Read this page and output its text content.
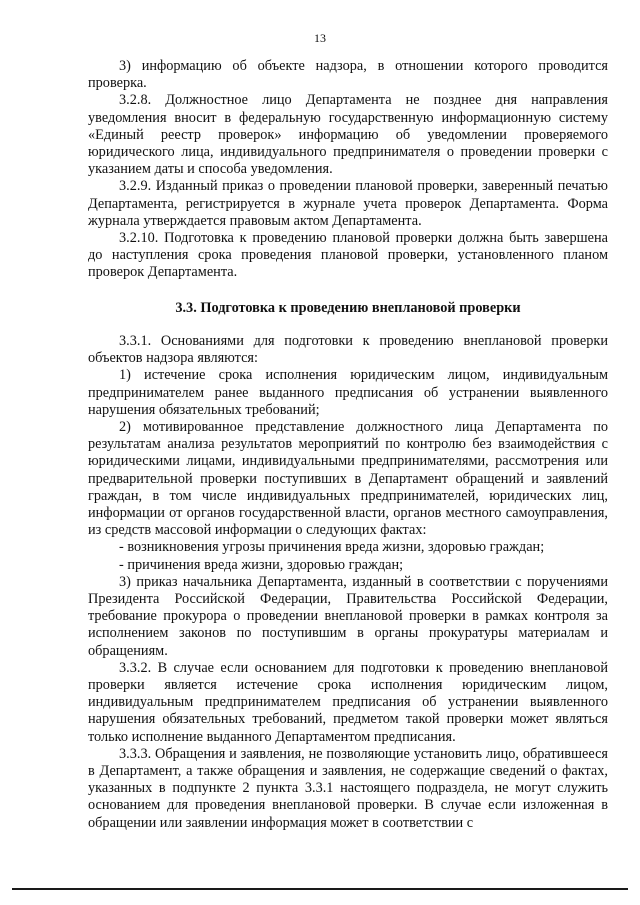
13

3) информацию об объекте надзора, в отношении которого проводится проверка.

3.2.8. Должностное лицо Департамента не позднее дня направления уведомления вносит в федеральную государственную информационную систему «Единый реестр проверок» информацию об уведомлении проверяемого юридического лица, индивидуального предпринимателя о проведении проверки с указанием даты и способа уведомления.

3.2.9. Изданный приказ о проведении плановой проверки, заверенный печатью Департамента, регистрируется в журнале учета проверок Департамента. Форма журнала утверждается правовым актом Департамента.

3.2.10. Подготовка к проведению плановой проверки должна быть завершена до наступления срока проведения плановой проверки, установленного планом проверок Департамента.

3.3. Подготовка к проведению внеплановой проверки

3.3.1. Основаниями для подготовки к проведению внеплановой проверки объектов надзора являются:

1) истечение срока исполнения юридическим лицом, индивидуальным предпринимателем ранее выданного предписания об устранении выявленного нарушения обязательных требований;

2) мотивированное представление должностного лица Департамента по результатам анализа результатов мероприятий по контролю без взаимодействия с юридическими лицами, индивидуальными предпринимателями, рассмотрения или предварительной проверки поступивших в Департамент обращений и заявлений граждан, в том числе индивидуальных предпринимателей, юридических лиц, информации от органов государственной власти, органов местного самоуправления, из средств массовой информации о следующих фактах:

- возникновения угрозы причинения вреда жизни, здоровью граждан;

- причинения вреда жизни, здоровью граждан;

3) приказ начальника Департамента, изданный в соответствии с поручениями Президента Российской Федерации, Правительства Российской Федерации, требование прокурора о проведении внеплановой проверки в рамках контроля за исполнением законов по поступившим в органы прокуратуры материалам и обращениям.

3.3.2. В случае если основанием для подготовки к проведению внеплановой проверки является истечение срока исполнения юридическим лицом, индивидуальным предпринимателем предписания об устранении выявленного нарушения обязательных требований, предметом такой проверки может являться только исполнение выданного Департаментом предписания.

3.3.3. Обращения и заявления, не позволяющие установить лицо, обратившееся в Департамент, а также обращения и заявления, не содержащие сведений о фактах, указанных в подпункте 2 пункта 3.3.1 настоящего подраздела, не могут служить основанием для проведения внеплановой проверки. В случае если изложенная в обращении или заявлении информация может в соответствии с
